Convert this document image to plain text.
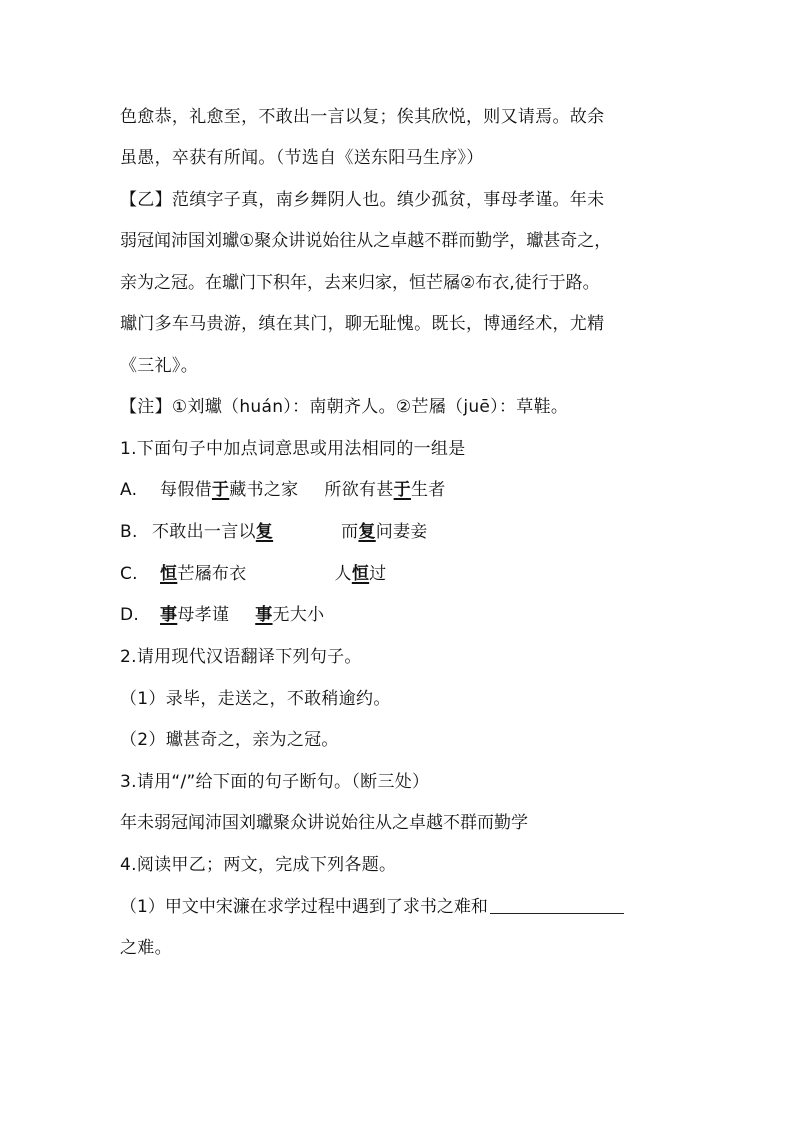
色愈恭，礼愈至，不敢出一言以复；俟其欣悦，则又请焉。故余
虽愚，卒获有所闻。（节选自《送东阳马生序》）
【乙】范缜字子真，南乡舞阴人也。缜少孤贫，事母孝谨。年未
弱冠闻沛国刘瓛①聚众讲说始往从之卓越不群而勤学，瓛甚奇之，
亲为之冠。在瓛门下积年，去来归家，恒芒屩②布衣,徒行于路。
瓛门多车马贵游，缜在其门，聊无耻愧。既长，博通经术，尤精
《三礼》。
【注】①刘瓛（huán）：南朝齐人。②芒屩（juē）：草鞋。
1.下面句子中加点词意思或用法相同的一组是
A. 每假借于藏书之家 所欲有甚于生者
B. 不敢出一言以复	而复问妻妾
C. 恒芒屩布衣	人恒过
D. 事母孝谨 事无大小
2.请用现代汉语翻译下列句子。
（1）录毕，走送之，不敢稍逾约。
（2）瓛甚奇之，亲为之冠。
3.请用“/”给下面的句子断句。（断三处）
年未弱冠闻沛国刘瓛聚众讲说始往从之卓越不群而勤学
4.阅读甲乙；两文，完成下列各题。
（1）甲文中宋濂在求学过程中遇到了求书之难和
之难。
